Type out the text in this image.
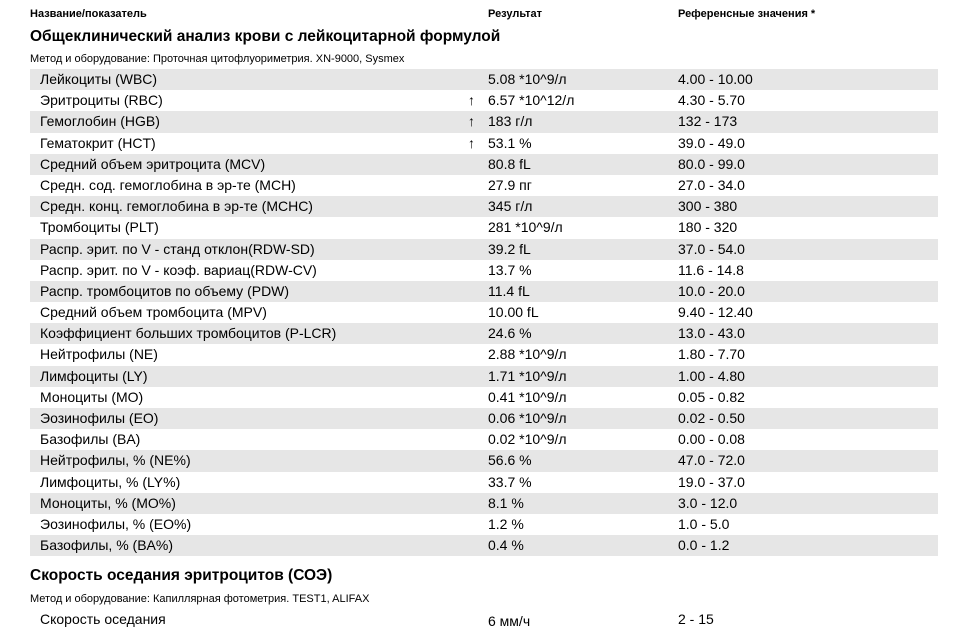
Название/показатель	Результат	Референсные значения *
Общеклинический анализ крови с лейкоцитарной формулой
Метод и оборудование: Проточная цитофлуориметрия. XN-9000, Sysmex
Лейкоциты (WBC)	5.08 *10^9/л	4.00 - 10.00
Эритроциты (RBC)	↑ 6.57 *10^12/л	4.30 - 5.70
Гемоглобин (HGB)	↑ 183 г/л	132 - 173
Гематокрит (HCT)	↑ 53.1 %	39.0 - 49.0
Средний объем эритроцита (MCV)	80.8 fL	80.0 - 99.0
Средн. сод. гемоглобина в эр-те (MCH)	27.9 пг	27.0 - 34.0
Средн. конц. гемоглобина в эр-те (MCHC)	345 г/л	300 - 380
Тромбоциты (PLT)	281 *10^9/л	180 - 320
Распр. эрит. по V - станд отклон(RDW-SD)	39.2 fL	37.0 - 54.0
Распр. эрит. по V - коэф. вариац(RDW-CV)	13.7 %	11.6 - 14.8
Распр. тромбоцитов по объему (PDW)	11.4 fL	10.0 - 20.0
Средний объем тромбоцита (MPV)	10.00 fL	9.40 - 12.40
Коэффициент больших тромбоцитов (P-LCR)	24.6 %	13.0 - 43.0
Нейтрофилы (NE)	2.88 *10^9/л	1.80 - 7.70
Лимфоциты (LY)	1.71 *10^9/л	1.00 - 4.80
Моноциты (MO)	0.41 *10^9/л	0.05 - 0.82
Эозинофилы (EO)	0.06 *10^9/л	0.02 - 0.50
Базофилы (BA)	0.02 *10^9/л	0.00 - 0.08
Нейтрофилы, % (NE%)	56.6 %	47.0 - 72.0
Лимфоциты, % (LY%)	33.7 %	19.0 - 37.0
Моноциты, % (MO%)	8.1 %	3.0 - 12.0
Эозинофилы, % (EO%)	1.2 %	1.0 - 5.0
Базофилы, % (BA%)	0.4 %	0.0 - 1.2
Скорость оседания эритроцитов (СОЭ)
Метод и оборудование: Капиллярная фотометрия. TEST1, ALIFAX
Скорость оседания	6 мм/ч	2 - 15
